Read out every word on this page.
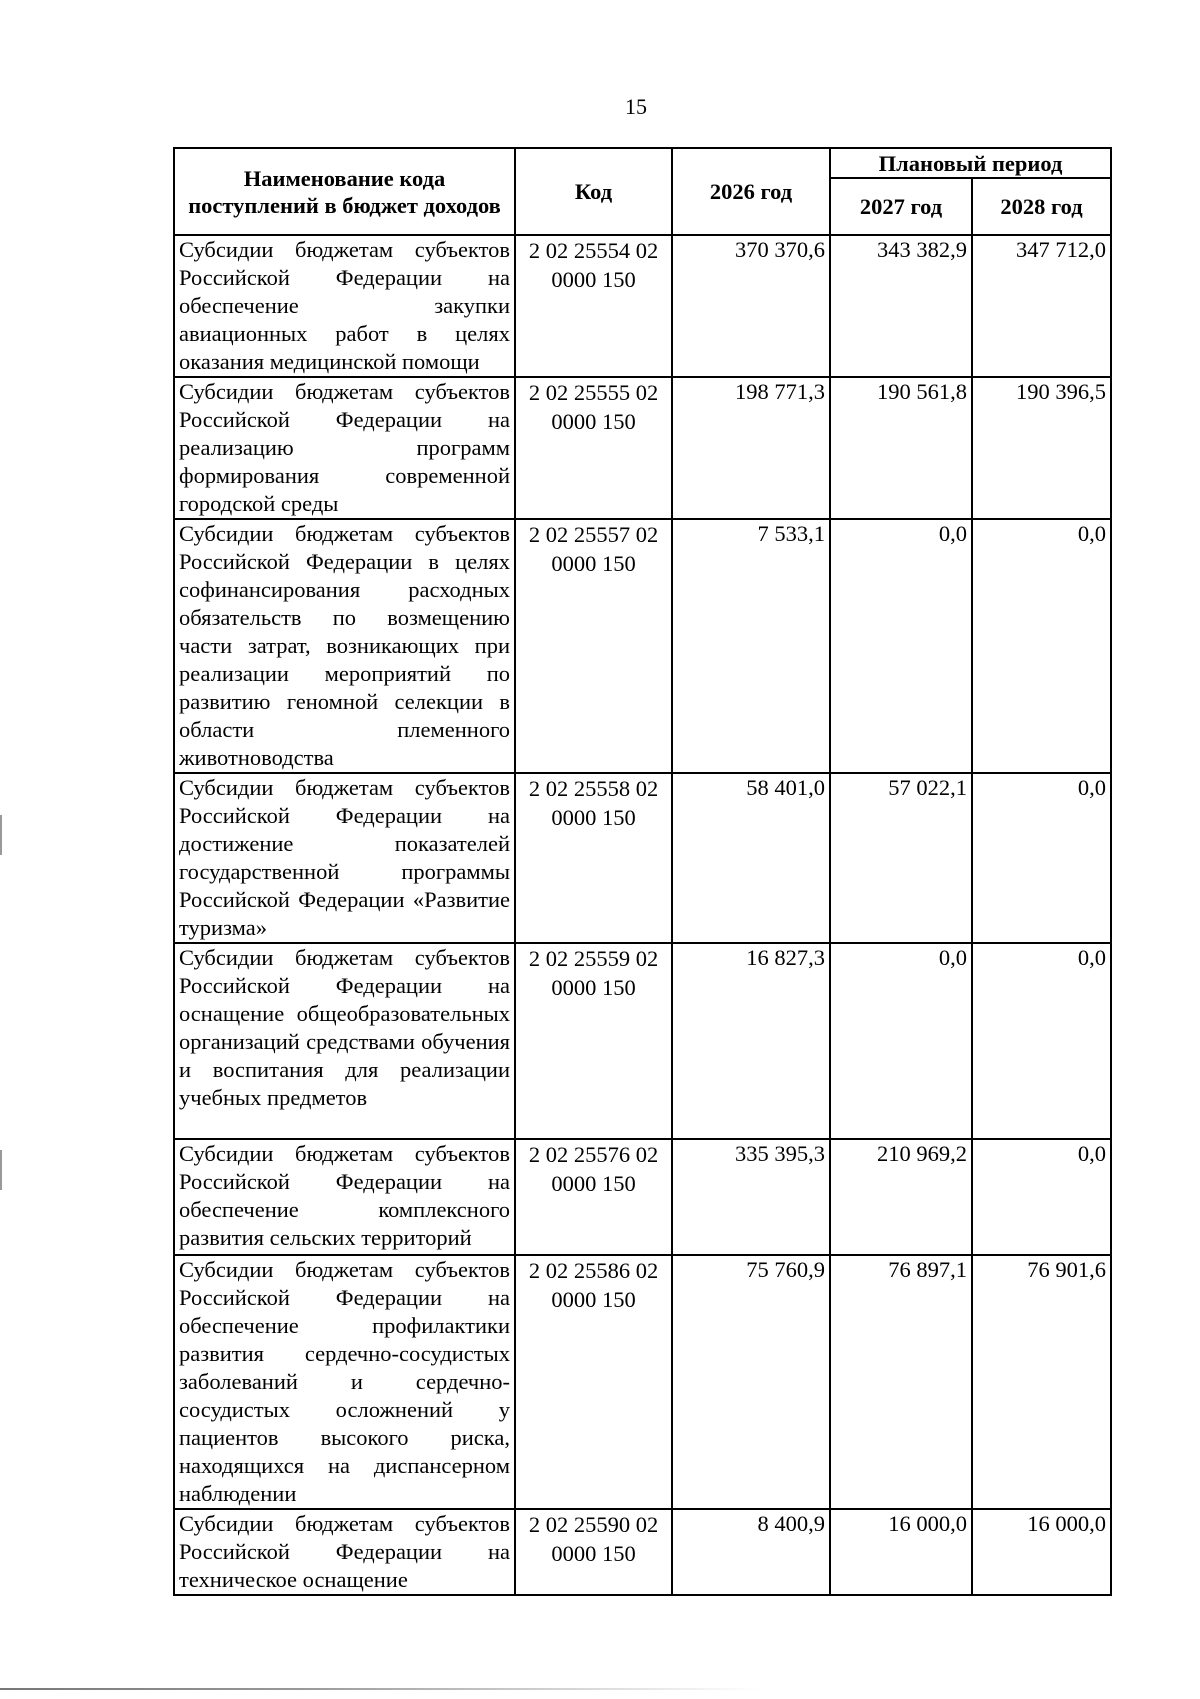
15
Наименование кода поступлений в бюджет доходов	Код	2026 год	Плановый период	
			2027 год	2028 год
Субсидии бюджетам субъектов Российской Федерации на обеспечение закупки авиационных работ в целях оказания медицинской помощи	2 02 25554 02 0000 150	370 370,6	343 382,9	347 712,0
Субсидии бюджетам субъектов Российской Федерации на реализацию программ формирования современной городской среды	2 02 25555 02 0000 150	198 771,3	190 561,8	190 396,5
Субсидии бюджетам субъектов Российской Федерации в целях софинансирования расходных обязательств по возмещению части затрат, возникающих при реализации мероприятий по развитию геномной селекции в области племенного животноводства	2 02 25557 02 0000 150	7 533,1	0,0	0,0
Субсидии бюджетам субъектов Российской Федерации на достижение показателей государственной программы Российской Федерации «Развитие туризма»	2 02 25558 02 0000 150	58 401,0	57 022,1	0,0
Субсидии бюджетам субъектов Российской Федерации на оснащение общеобразовательных организаций средствами обучения и воспитания для реализации учебных предметов	2 02 25559 02 0000 150	16 827,3	0,0	0,0
Субсидии бюджетам субъектов Российской Федерации на обеспечение комплексного развития сельских территорий	2 02 25576 02 0000 150	335 395,3	210 969,2	0,0
Субсидии бюджетам субъектов Российской Федерации на обеспечение профилактики развития сердечно-сосудистых заболеваний и сердечно-сосудистых осложнений у пациентов высокого риска, находящихся на диспансерном наблюдении	2 02 25586 02 0000 150	75 760,9	76 897,1	76 901,6
Субсидии бюджетам субъектов Российской Федерации на техническое оснащение	2 02 25590 02 0000 150	8 400,9	16 000,0	16 000,0
